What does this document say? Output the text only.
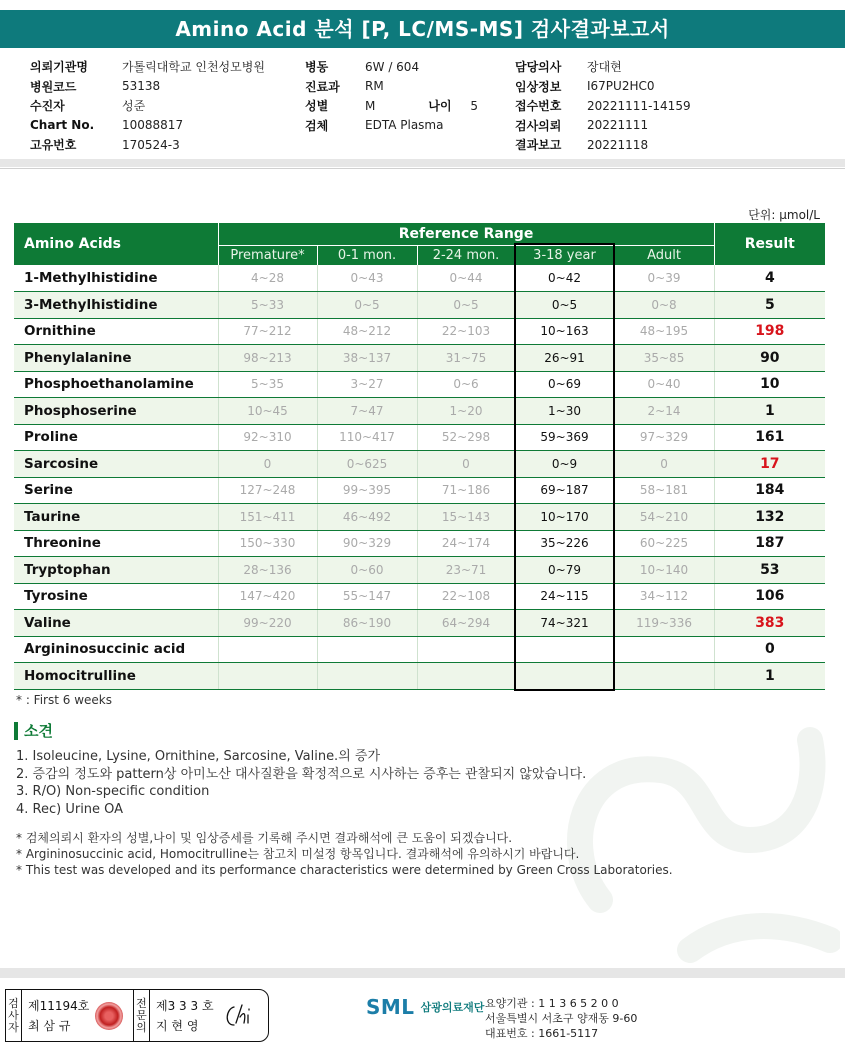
Amino Acid 분석 [P, LC/MS-MS] 검사결과보고서
의뢰기관명	가톨릭대학교 인천성모병원
병원코드	53138
수진자	성준
Chart No.	10088817
고유번호	170524-3
병동	6W / 604
진료과	RM
성별	M	나이	5
검체	EDTA Plasma
담당의사	장대현
임상정보	I67PU2HC0
접수번호	20221111-14159
검사의뢰	20221111
결과보고	20221118
단위: μmol/L
Amino Acids	Reference Range					Result
	Premature*	0-1 mon.	2-24 mon.	3-18 year	Adult	
1-Methylhistidine	4~28	0~43	0~44	0~42	0~39	4
3-Methylhistidine	5~33	0~5	0~5	0~5	0~8	5
Ornithine	77~212	48~212	22~103	10~163	48~195	198
Phenylalanine	98~213	38~137	31~75	26~91	35~85	90
Phosphoethanolamine	5~35	3~27	0~6	0~69	0~40	10
Phosphoserine	10~45	7~47	1~20	1~30	2~14	1
Proline	92~310	110~417	52~298	59~369	97~329	161
Sarcosine	0	0~625	0	0~9	0	17
Serine	127~248	99~395	71~186	69~187	58~181	184
Taurine	151~411	46~492	15~143	10~170	54~210	132
Threonine	150~330	90~329	24~174	35~226	60~225	187
Tryptophan	28~136	0~60	23~71	0~79	10~140	53
Tyrosine	147~420	55~147	22~108	24~115	34~112	106
Valine	99~220	86~190	64~294	74~321	119~336	383
Argininosuccinic acid						0
Homocitrulline						1
* : First 6 weeks
소견
1. Isoleucine, Lysine, Ornithine, Sarcosine, Valine.의 증가
2. 증감의 정도와 pattern상 아미노산 대사질환을 확정적으로 시사하는 증후는 관찰되지 않았습니다.
3. R/O) Non-specific condition
4. Rec) Urine OA
* 검체의뢰시 환자의 성별,나이 및 임상증세를 기록해 주시면 결과해석에 큰 도움이 되겠습니다.
* Argininosuccinic acid, Homocitrulline는 참고치 미설정 항목입니다. 결과해석에 유의하시기 바랍니다.
* This test was developed and its performance characteristics were determined by Green Cross Laboratories.
검
사
자
제11194호
최 삼 규
전
문
의
제3 3 3 호
지 현 영
SML 삼광의료재단 요양기관 : 1 1 3 6 5 2 0 0
서울특별시 서초구 양재동 9-60
대표번호 : 1661-5117
